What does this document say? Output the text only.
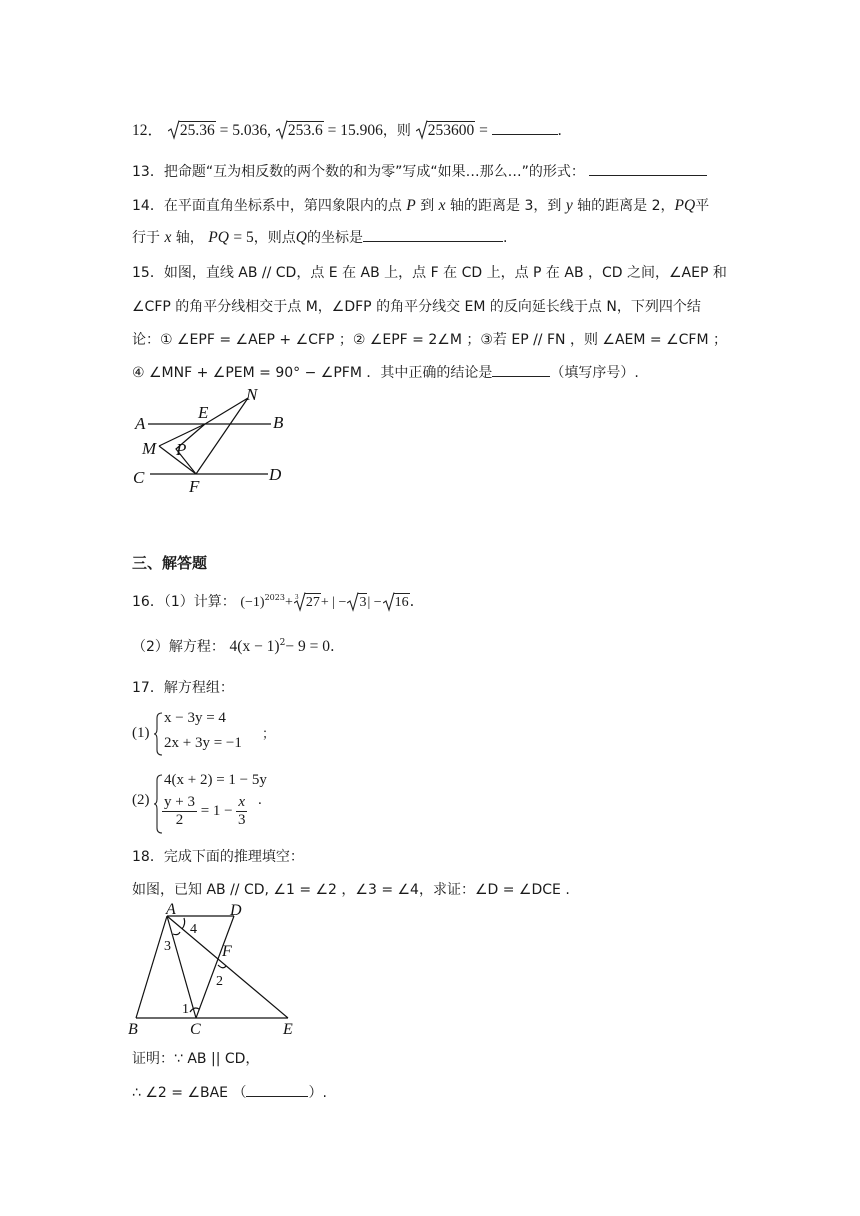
12． 25.36 = 5.036, 253.6 = 15.906，则 253600 =	.
13．把命题“互为相反数的两个数的和为零”写成“如果…那么…”的形式：
14．在平面直角坐标系中，第四象限内的点 P 到 x 轴的距离是 3，到 y 轴的距离是 2，PQ平
行于 x 轴， PQ = 5，则点Q的坐标是	.
15．如图，直线 AB // CD，点 E 在 AB 上，点 F 在 CD 上，点 P 在 AB ，CD 之间，∠AEP 和
∠CFP 的角平分线相交于点 M，∠DFP 的角平分线交 EM 的反向延长线于点 N，下列四个结
论：① ∠EPF = ∠AEP + ∠CFP ；② ∠EPF = 2∠M ；③若 EP // FN ，则 ∠AEM = ∠CFM ；
④ ∠MNF + ∠PEM = 90° − ∠PFM ．其中正确的结论是	（填写序号）.
A	B
C	D
E
F
M
N
P
三、解答题
16．（1）计算： $(-1)^{2023}+ 3$ 27+ | − 3| − 16.
（2）解方程： $4(x - 1)^2- 9 = 0$.
17．解方程组：
(1)
x − 3y = 4
2x + 3y = −1
；
(2)
4(x + 2) = 1 − 5y
$\frac{y + 3}{2} = 1 - \frac{x}{3}$ .
18．完成下面的推理填空：
如图，已知 AB // CD, ∠1 = ∠2 ，∠3 = ∠4，求证：∠D = ∠DCE .
A	D
B	C	E
F
4
3
1
2
证明：∵ AB || CD，
∴ ∠2 = ∠BAE （	）.
